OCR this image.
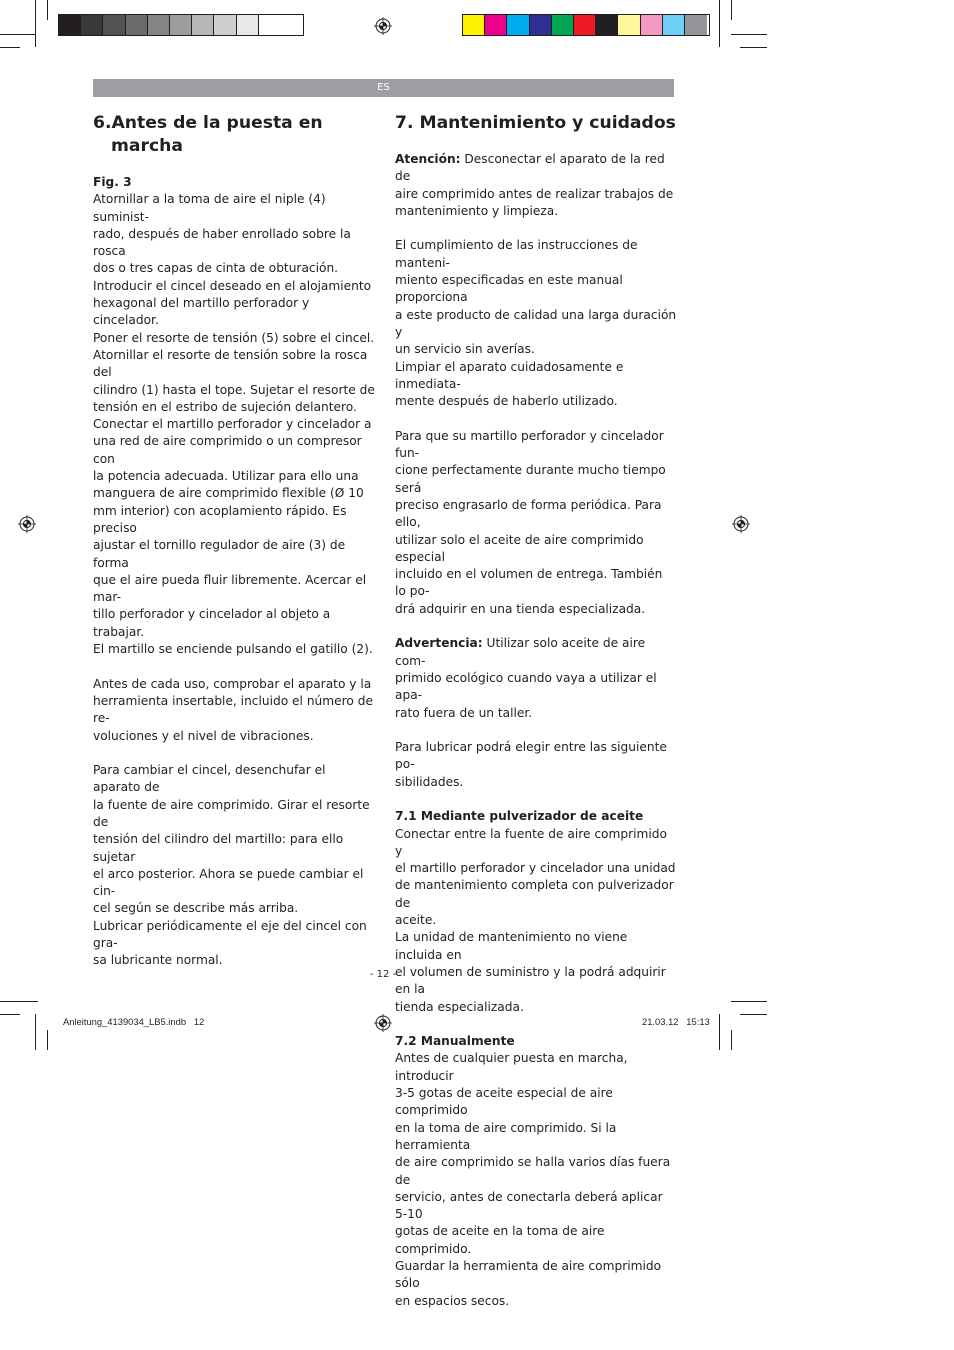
ES
6.Antes de la puesta en marcha

Fig. 3

Atornillar a la toma de aire el niple (4) suminist-

rado, después de haber enrollado sobre la rosca

dos o tres capas de cinta de obturación.

Introducir el cincel deseado en el alojamiento

hexagonal del martillo perforador y cincelador.

Poner el resorte de tensión (5) sobre el cincel.

Atornillar el resorte de tensión sobre la rosca del

cilindro (1) hasta el tope. Sujetar el resorte de

tensión en el estribo de sujeción delantero.

Conectar el martillo perforador y cincelador a

una red de aire comprimido o un compresor con

la potencia adecuada. Utilizar para ello una

manguera de aire comprimido flexible (Ø 10

mm interior) con acoplamiento rápido. Es preciso

ajustar el tornillo regulador de aire (3) de forma

que el aire pueda fluir libremente. Acercar el mar-

tillo perforador y cincelador al objeto a trabajar.

El martillo se enciende pulsando el gatillo (2).

Antes de cada uso, comprobar el aparato y la

herramienta insertable, incluido el número de re-

voluciones y el nivel de vibraciones.

Para cambiar el cincel, desenchufar el aparato de

la fuente de aire comprimido. Girar el resorte de

tensión del cilindro del martillo: para ello sujetar

el arco posterior. Ahora se puede cambiar el cin-

cel según se describe más arriba.

Lubricar periódicamente el eje del cincel con gra-

sa lubricante normal.

7. Mantenimiento y cuidados

Atención: Desconectar el aparato de la red de

aire comprimido antes de realizar trabajos de

mantenimiento y limpieza.

El cumplimiento de las instrucciones de manteni-

miento especificadas en este manual proporciona

a este producto de calidad una larga duración y

un servicio sin averías.

Limpiar el aparato cuidadosamente e inmediata-

mente después de haberlo utilizado.

Para que su martillo perforador y cincelador fun-

cione perfectamente durante mucho tiempo será

preciso engrasarlo de forma periódica. Para ello,

utilizar solo el aceite de aire comprimido especial

incluido en el volumen de entrega. También lo po-

drá adquirir en una tienda especializada.

Advertencia: Utilizar solo aceite de aire com-

primido ecológico cuando vaya a utilizar el apa-

rato fuera de un taller.

Para lubricar podrá elegir entre las siguiente po-

sibilidades.

7.1 Mediante pulverizador de aceite

Conectar entre la fuente de aire comprimido y

el martillo perforador y cincelador una unidad

de mantenimiento completa con pulverizador de

aceite.

La unidad de mantenimiento no viene incluida en

el volumen de suministro y la podrá adquirir en la

tienda especializada.

7.2 Manualmente

Antes de cualquier puesta en marcha, introducir

3-5 gotas de aceite especial de aire comprimido

en la toma de aire comprimido. Si la herramienta

de aire comprimido se halla varios días fuera de

servicio, antes de conectarla deberá aplicar 5-10

gotas de aceite en la toma de aire comprimido.

Guardar la herramienta de aire comprimido sólo

en espacios secos.

- 12 -
Anleitung_4139034_LB5.indb   12	21.03.12   15:13
